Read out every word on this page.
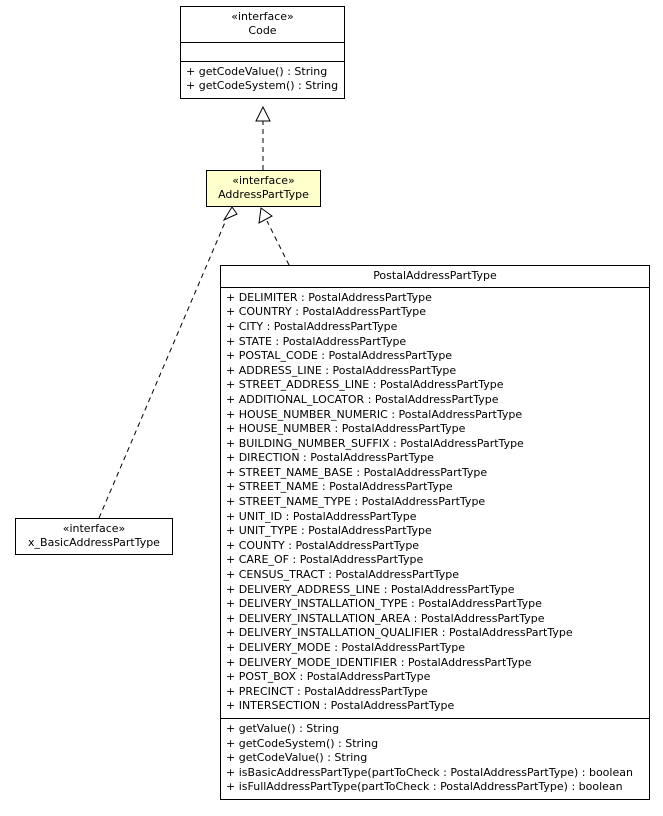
«interface»
Code
+ getCodeValue() : String
+ getCodeSystem() : String
«interface»
AddressPartType
PostalAddressPartType
+ DELIMITER : PostalAddressPartType
+ COUNTRY : PostalAddressPartType
+ CITY : PostalAddressPartType
+ STATE : PostalAddressPartType
+ POSTAL_CODE : PostalAddressPartType
+ ADDRESS_LINE : PostalAddressPartType
+ STREET_ADDRESS_LINE : PostalAddressPartType
+ ADDITIONAL_LOCATOR : PostalAddressPartType
+ HOUSE_NUMBER_NUMERIC : PostalAddressPartType
+ HOUSE_NUMBER : PostalAddressPartType
+ BUILDING_NUMBER_SUFFIX : PostalAddressPartType
+ DIRECTION : PostalAddressPartType
+ STREET_NAME_BASE : PostalAddressPartType
+ STREET_NAME : PostalAddressPartType
+ STREET_NAME_TYPE : PostalAddressPartType
+ UNIT_ID : PostalAddressPartType
+ UNIT_TYPE : PostalAddressPartType
+ COUNTY : PostalAddressPartType
+ CARE_OF : PostalAddressPartType
+ CENSUS_TRACT : PostalAddressPartType
+ DELIVERY_ADDRESS_LINE : PostalAddressPartType
+ DELIVERY_INSTALLATION_TYPE : PostalAddressPartType
+ DELIVERY_INSTALLATION_AREA : PostalAddressPartType
+ DELIVERY_INSTALLATION_QUALIFIER : PostalAddressPartType
+ DELIVERY_MODE : PostalAddressPartType
+ DELIVERY_MODE_IDENTIFIER : PostalAddressPartType
+ POST_BOX : PostalAddressPartType
+ PRECINCT : PostalAddressPartType
+ INTERSECTION : PostalAddressPartType
+ getValue() : String
+ getCodeSystem() : String
+ getCodeValue() : String
+ isBasicAddressPartType(partToCheck : PostalAddressPartType) : boolean
+ isFullAddressPartType(partToCheck : PostalAddressPartType) : boolean
«interface»
x_BasicAddressPartType
